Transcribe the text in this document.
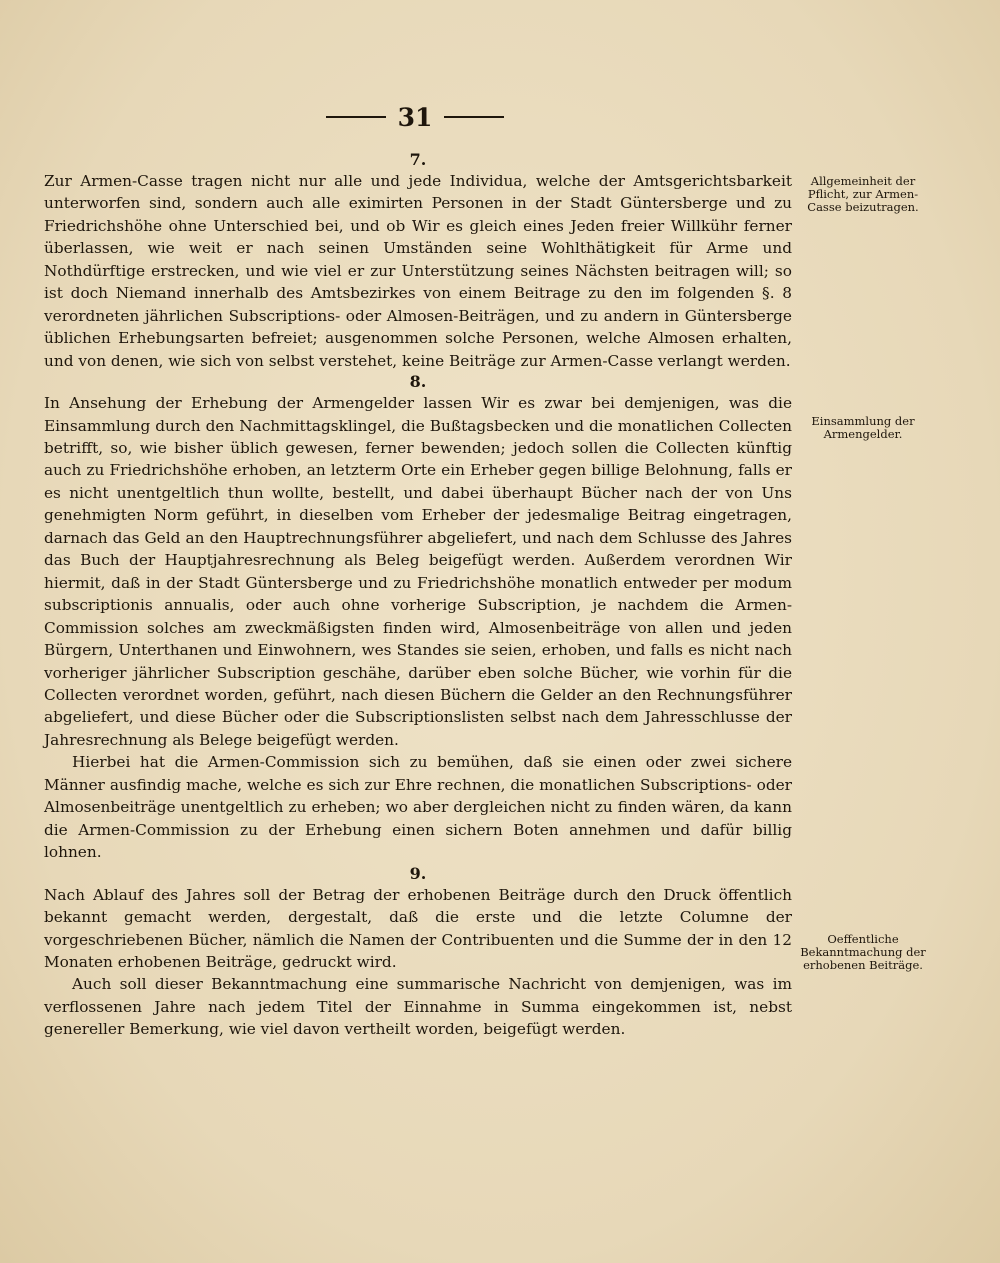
31

7.

Zur Armen-Casse tragen nicht nur alle und jede Individua, welche der Amtsgerichtsbarkeit unterworfen sind, sondern auch alle eximirten Personen in der Stadt Güntersberge und zu Friedrichshöhe ohne Unterschied bei, und ob Wir es gleich eines Jeden freier Willkühr ferner überlassen, wie weit er nach seinen Umständen seine Wohlthätigkeit für Arme und Nothdürftige erstrecken, und wie viel er zur Unterstützung seines Nächsten beitragen will; so ist doch Niemand innerhalb des Amtsbezirkes von einem Beitrage zu den im folgenden §. 8 verordneten jährlichen Subscriptions- oder Almosen-Beiträgen, und zu andern in Güntersberge üblichen Erhebungsarten befreiet; ausgenommen solche Personen, welche Almosen erhalten, und von denen, wie sich von selbst verstehet, keine Beiträge zur Armen-Casse verlangt werden.

8.

In Ansehung der Erhebung der Armengelder lassen Wir es zwar bei demjenigen, was die Einsammlung durch den Nachmittagsklingel, die Bußtagsbecken und die monatlichen Collecten betrifft, so, wie bisher üblich gewesen, ferner bewenden; jedoch sollen die Collecten künftig auch zu Friedrichshöhe erhoben, an letzterm Orte ein Erheber gegen billige Belohnung, falls er es nicht unentgeltlich thun wollte, bestellt, und dabei überhaupt Bücher nach der von Uns genehmigten Norm geführt, in dieselben vom Erheber der jedesmalige Beitrag eingetragen, darnach das Geld an den Hauptrechnungsführer abgeliefert, und nach dem Schlusse des Jahres das Buch der Hauptjahresrechnung als Beleg beigefügt werden. Außerdem verordnen Wir hiermit, daß in der Stadt Güntersberge und zu Friedrichshöhe monatlich entweder per modum subscriptionis annualis, oder auch ohne vorherige Subscription, je nachdem die Armen-Commission solches am zweckmäßigsten finden wird, Almosenbeiträge von allen und jeden Bürgern, Unterthanen und Einwohnern, wes Standes sie seien, erhoben, und falls es nicht nach vorheriger jährlicher Subscription geschähe, darüber eben solche Bücher, wie vorhin für die Collecten verordnet worden, geführt, nach diesen Büchern die Gelder an den Rechnungsführer abgeliefert, und diese Bücher oder die Subscriptionslisten selbst nach dem Jahresschlusse der Jahresrechnung als Belege beigefügt werden.

Hierbei hat die Armen-Commission sich zu bemühen, daß sie einen oder zwei sichere Männer ausfindig mache, welche es sich zur Ehre rechnen, die monatlichen Subscriptions- oder Almosenbeiträge unentgeltlich zu erheben; wo aber dergleichen nicht zu finden wären, da kann die Armen-Commission zu der Erhebung einen sichern Boten annehmen und dafür billig lohnen.

9.

Nach Ablauf des Jahres soll der Betrag der erhobenen Beiträge durch den Druck öffentlich bekannt gemacht werden, dergestalt, daß die erste und die letzte Columne der vorgeschriebenen Bücher, nämlich die Namen der Contribuenten und die Summe der in den 12 Monaten erhobenen Beiträge, gedruckt wird.

Auch soll dieser Bekanntmachung eine summarische Nachricht von demjenigen, was im verflossenen Jahre nach jedem Titel der Einnahme in Summa eingekommen ist, nebst genereller Bemerkung, wie viel davon vertheilt worden, beigefügt werden.

Allgemeinheit der Pflicht, zur Armen-Casse beizutragen.
Einsammlung der Armengelder.
Oeffentliche Bekanntmachung der erhobenen Beiträge.
